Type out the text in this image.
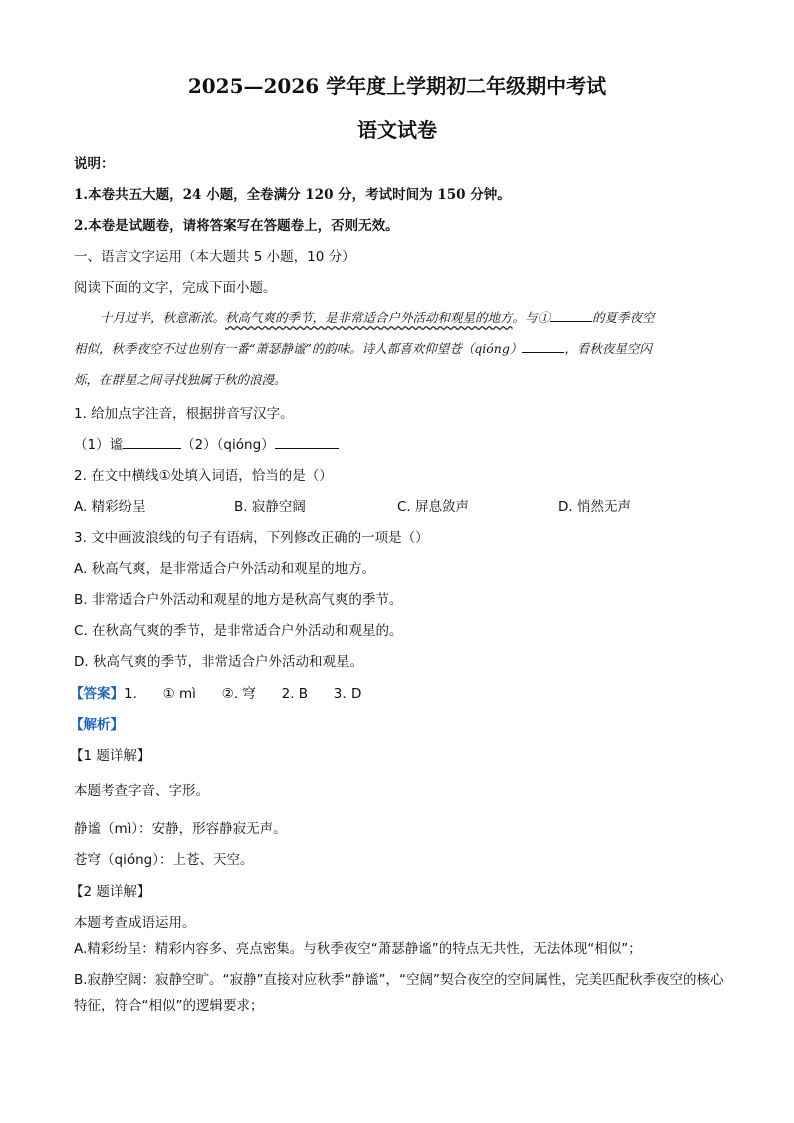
2025—2026 学年度上学期初二年级期中考试
语文试卷
说明：
1.本卷共五大题，24 小题，全卷满分 120 分，考试时间为 150 分钟。
2.本卷是试题卷，请将答案写在答题卷上，否则无效。
一、语言文字运用（本大题共 5 小题，10 分）
阅读下面的文字，完成下面小题。
十月过半，秋意渐浓。秋高气爽的季节，是非常适合户外活动和观星的地方。与①	的夏季夜空
相似，秋季夜空不过也别有一番“萧瑟静谧”的韵味。诗人都喜欢仰望苍（qióng）	，看秋夜星空闪
烁，在群星之间寻找独属于秋的浪漫。
1. 给加点字注音，根据拼音写汉字。
（1）谧	（2）（qióng）
2. 在文中横线①处填入词语，恰当的是（）
A. 精彩纷呈	B. 寂静空阔	C. 屏息敛声	D. 悄然无声
3. 文中画波浪线的句子有语病，下列修改正确的一项是（）
A. 秋高气爽，是非常适合户外活动和观星的地方。
B. 非常适合户外活动和观星的地方是秋高气爽的季节。
C. 在秋高气爽的季节，是非常适合户外活动和观星的。
D. 秋高气爽的季节，非常适合户外活动和观星。
【答案】1.      ① mì      ②. 穹      2. B      3. D
【解析】
【1 题详解】
本题考查字音、字形。
静谧（mì）：安静，形容静寂无声。
苍穹（qióng）：上苍、天空。
【2 题详解】
本题考查成语运用。
A.精彩纷呈：精彩内容多、亮点密集。与秋季夜空“萧瑟静谧”的特点无共性，无法体现“相似”；
B.寂静空阔：寂静空旷。“寂静”直接对应秋季“静谧”，“空阔”契合夜空的空间属性，完美匹配秋季夜空的核心特征，符合“相似”的逻辑要求；
